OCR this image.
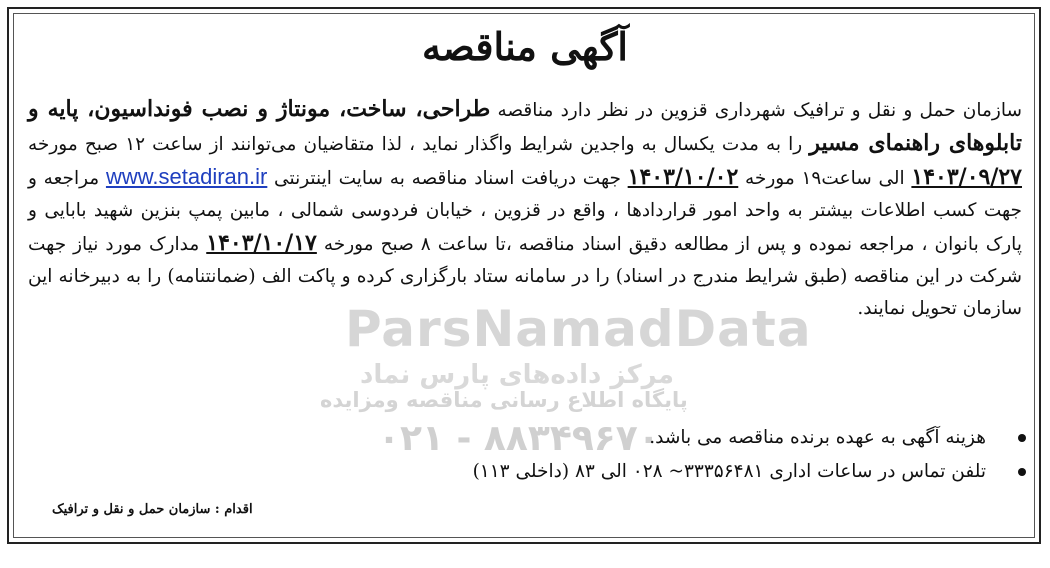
ParsNamadData
مرکز داده‌های پارس نماد
پایگاه اطلاع رسانی مناقصه ومزایده
۰۲۱ - ۸۸۳۴۹۶۷۰
آگهی مناقصه
سازمان حمل و نقل و ترافیک شهرداری قزوین در نظر دارد مناقصه طراحی، ساخت، مونتاژ و نصب فونداسیون، پایه و تابلوهای راهنمای مسیر را به مدت یکسال به واجدین شرایط واگذار نماید ، لذا متقاضیان می‌توانند از ساعت ۱۲ صبح مورخه ۱۴۰۳/۰۹/۲۷ الی ساعت۱۹ مورخه ۱۴۰۳/۱۰/۰۲ جهت دریافت اسناد مناقصه به سایت اینترنتی www.setadiran.ir مراجعه و جهت کسب اطلاعات بیشتر به واحد امور قراردادها ، واقع در قزوین ، خیابان فردوسی شمالی ، مابین پمپ بنزین شهید بابایی و پارک بانوان ، مراجعه نموده و پس از مطالعه دقیق اسناد مناقصه ،تا ساعت ۸ صبح مورخه ۱۴۰۳/۱۰/۱۷ مدارک مورد نیاز جهت شرکت در این مناقصه (طبق شرایط مندرج در اسناد) را در سامانه ستاد بارگزاری کرده و پاکت الف (ضمانتنامه) را به دبیرخانه این سازمان تحویل نمایند.
هزینه آگهی به عهده برنده مناقصه می باشد.
تلفن تماس در ساعات اداری ۳۳۳۵۶۴۸۱~ ۰۲۸ الی ۸۳ (داخلی ۱۱۳)
اقدام : سازمان حمل و نقل و ترافیک
